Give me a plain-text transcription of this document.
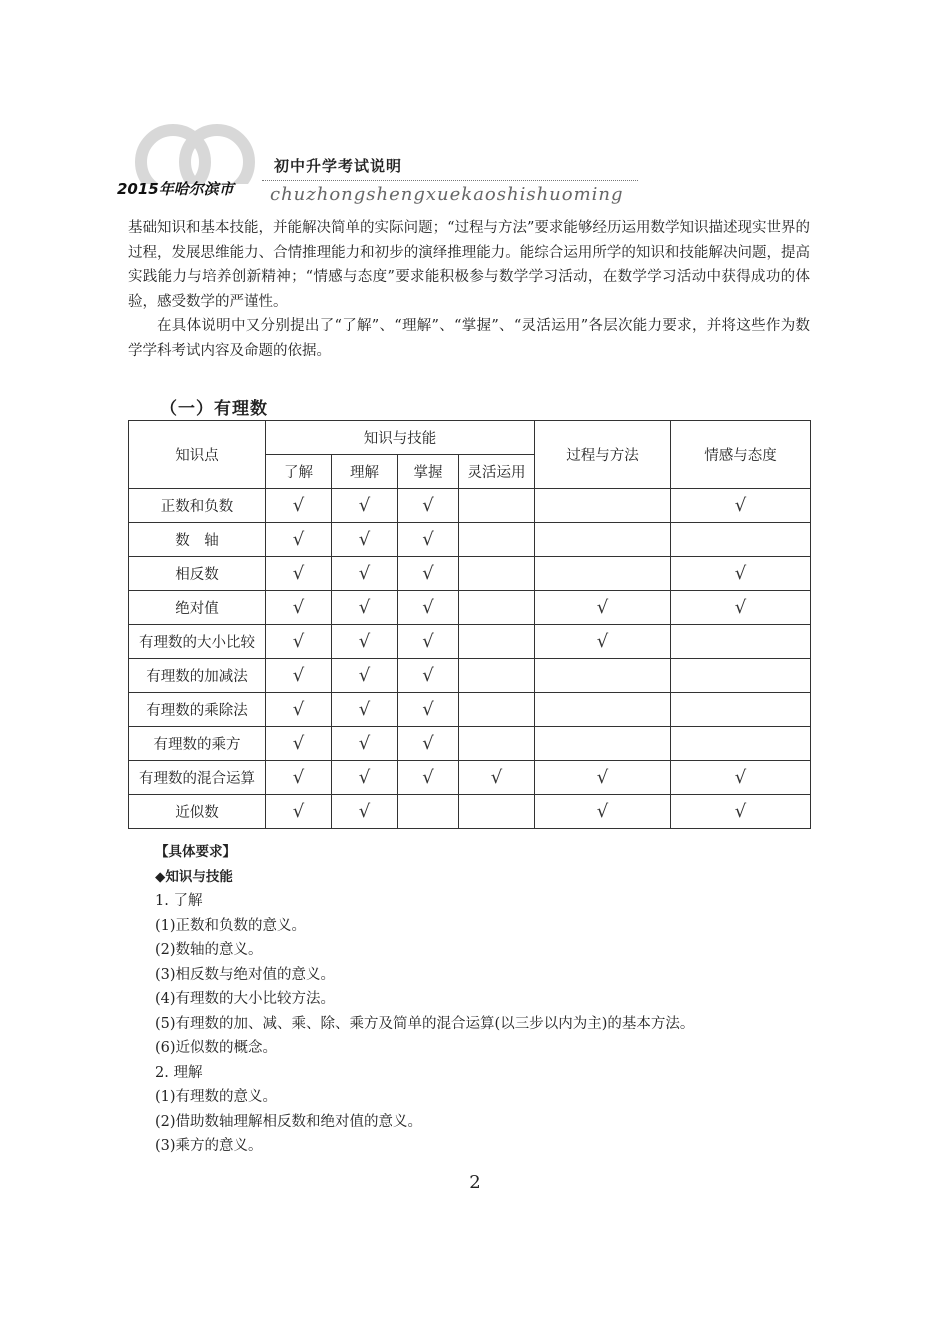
2015年哈尔滨市
初中升学考试说明
chuzhongshengxuekaoshishuoming

基础知识和基本技能，并能解决简单的实际问题；“过程与方法”要求能够经历运用数学知识描述现实世界的过程，发展思维能力、合情推理能力和初步的演绎推理能力。能综合运用所学的知识和技能解决问题，提高实践能力与培养创新精神；“情感与态度”要求能积极参与数学学习活动，在数学学习活动中获得成功的体验，感受数学的严谨性。

在具体说明中又分别提出了“了解”、“理解”、“掌握”、“灵活运用”各层次能力要求，并将这些作为数学学科考试内容及命题的依据。

（一）有理数
知识点	知识与技能				过程与方法	情感与态度
	了解	理解	掌握	灵活运用		
正数和负数	√	√	√			√
数　轴	√	√	√			
相反数	√	√	√			√
绝对值	√	√	√		√	√
有理数的大小比较	√	√	√		√	
有理数的加减法	√	√	√			
有理数的乘除法	√	√	√			
有理数的乘方	√	√	√			
有理数的混合运算	√	√	√	√	√	√
近似数	√	√			√	√
【具体要求】
◆知识与技能
1. 了解
(1)正数和负数的意义。
(2)数轴的意义。
(3)相反数与绝对值的意义。
(4)有理数的大小比较方法。
(5)有理数的加、减、乘、除、乘方及简单的混合运算(以三步以内为主)的基本方法。
(6)近似数的概念。
2. 理解
(1)有理数的意义。
(2)借助数轴理解相反数和绝对值的意义。
(3)乘方的意义。
2
